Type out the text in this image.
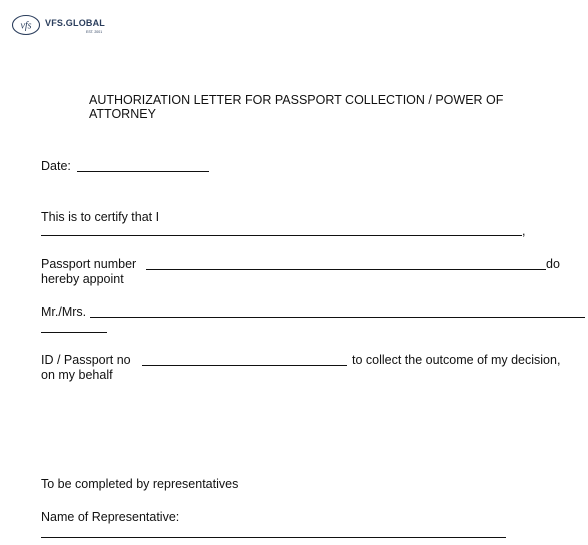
vfs VFS.GLOBAL
EST. 2001
AUTHORIZATION LETTER FOR PASSPORT COLLECTION / POWER OF
ATTORNEY
Date:
This is to certify that I
,
Passport number	do
hereby appoint
Mr./Mrs.
ID / Passport no	to collect the outcome of my decision,
on my behalf
To be completed by representatives
Name of Representative:
